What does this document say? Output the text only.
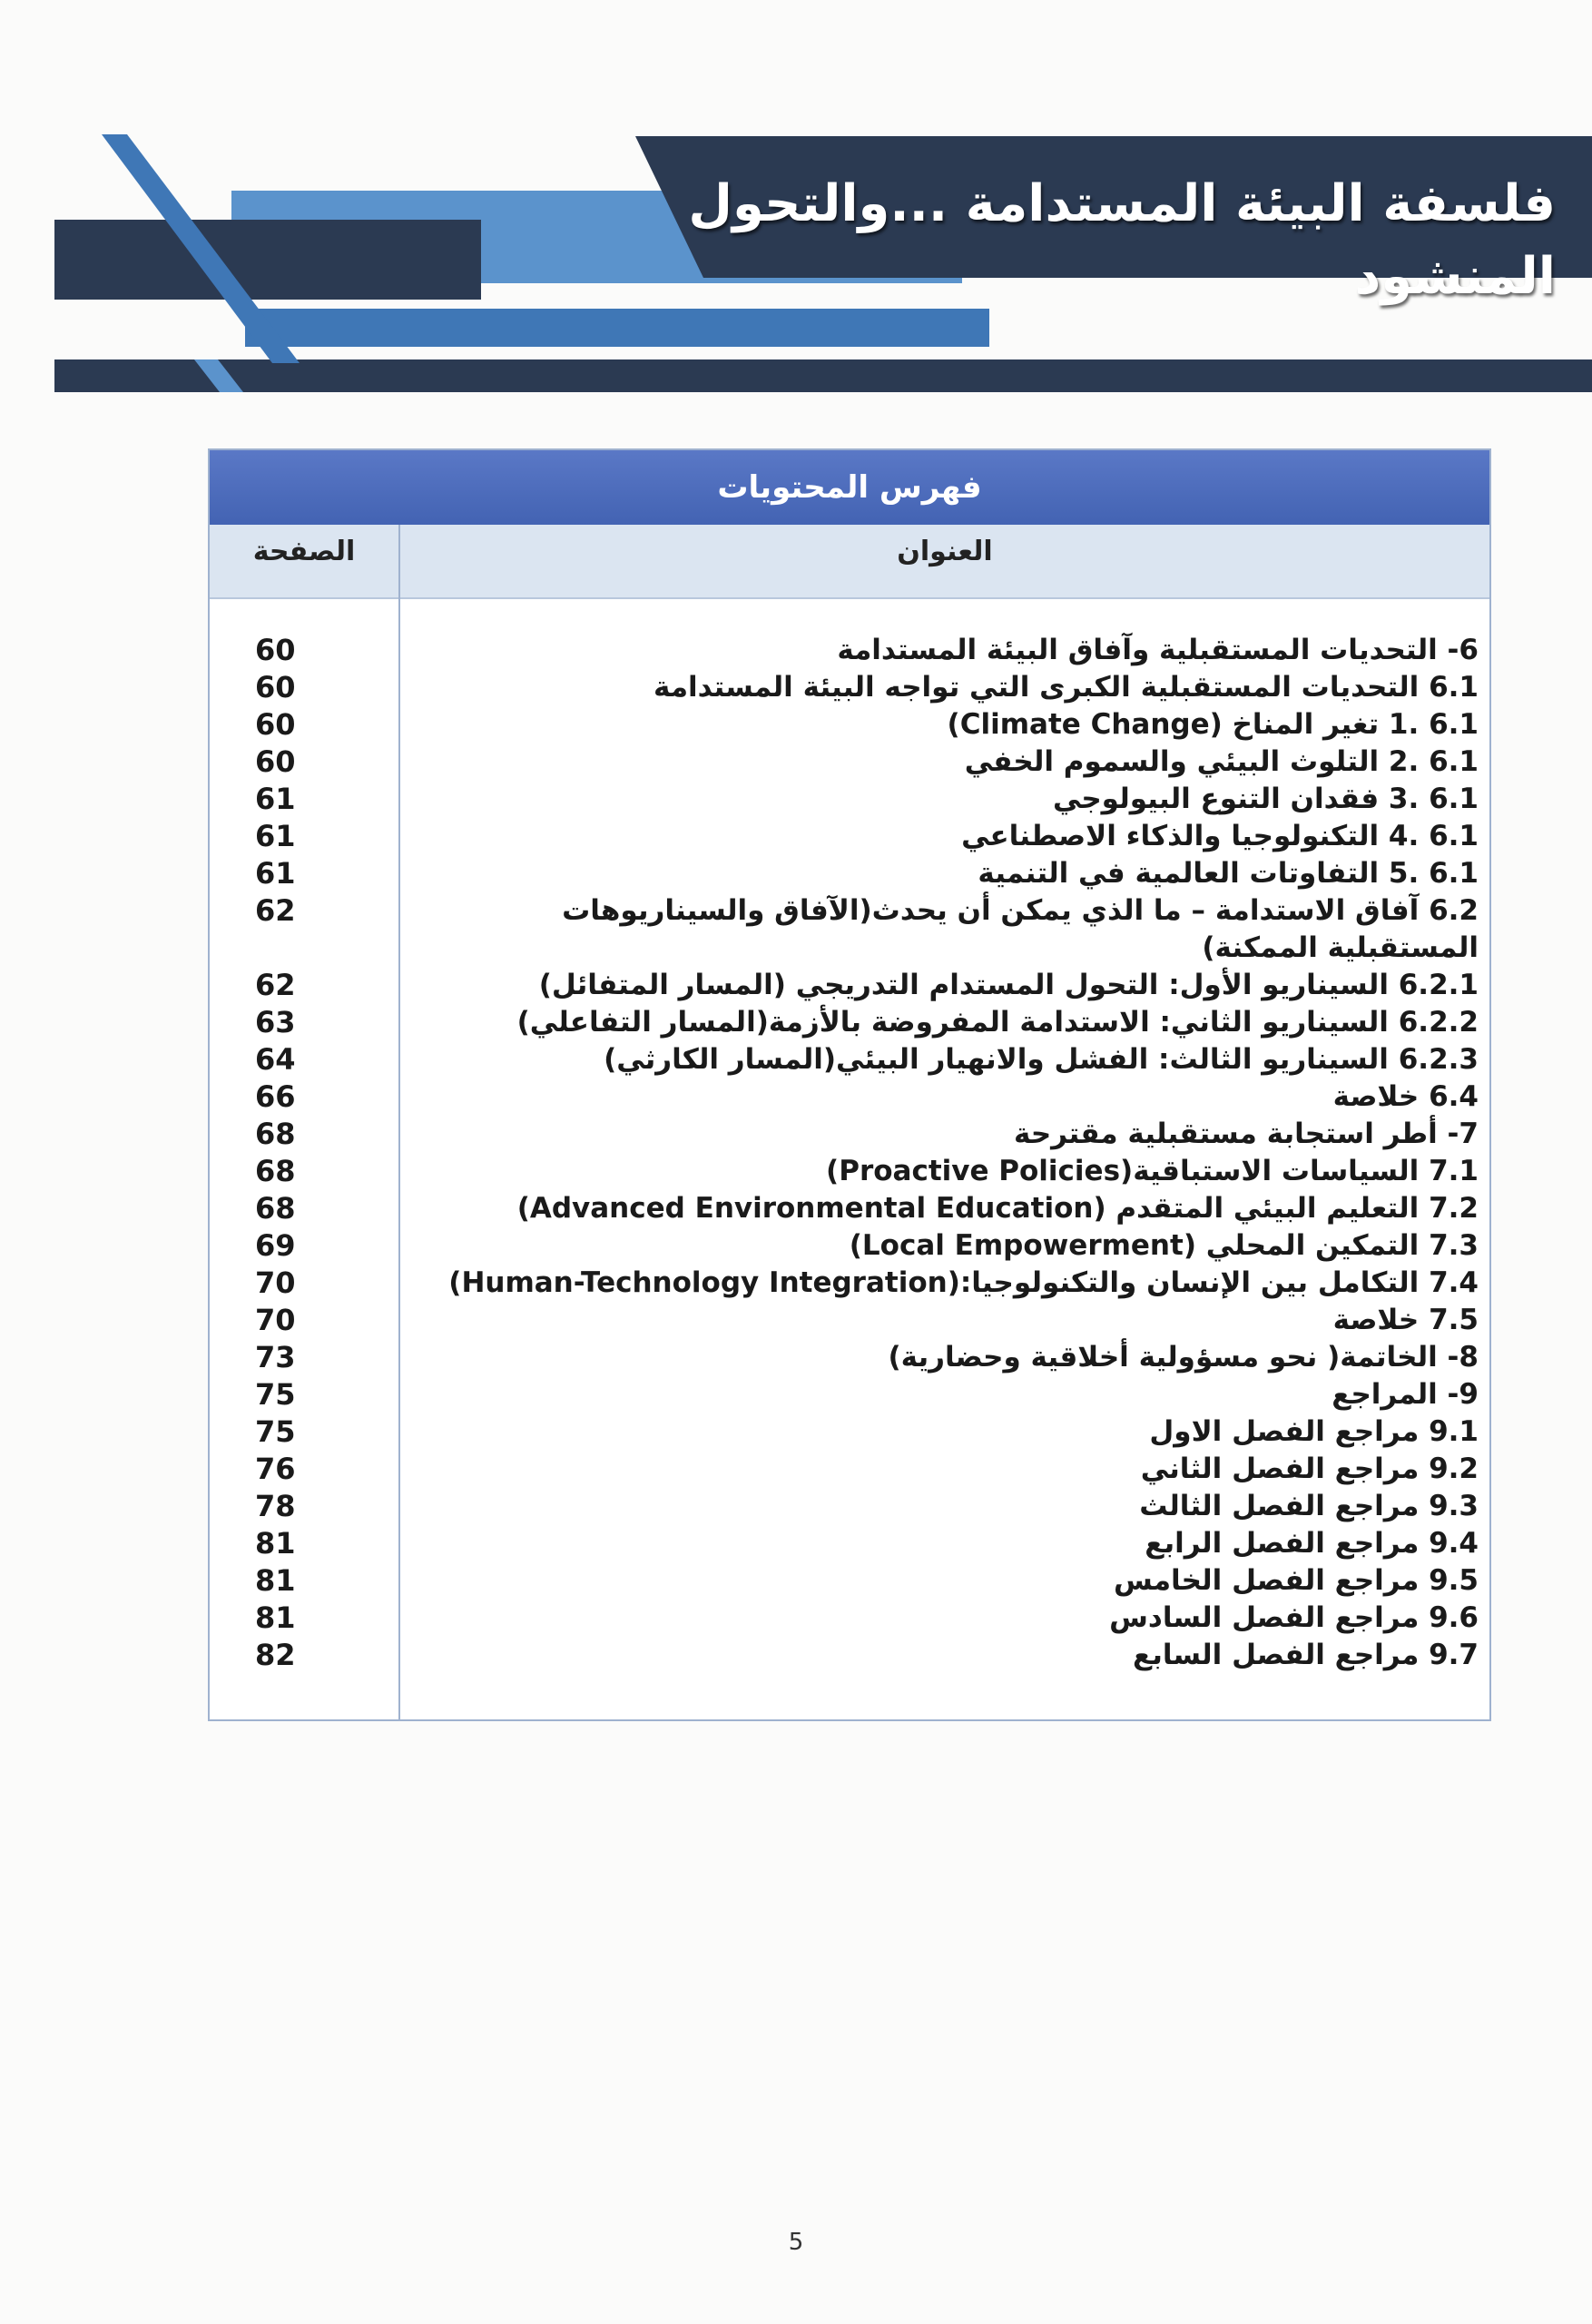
فلسفة البيئة المستدامة ...والتحول المنشود
فهرس المحتويات
العنوان
الصفحة
6- التحديات المستقبلية وآفاق البيئة المستدامة
60
6.1 التحديات المستقبلية الكبرى التي تواجه البيئة المستدامة
60
6.1 .1 تغير المناخ (Climate Change)
60
6.1 .2 التلوث البيئي والسموم الخفي
60
6.1 .3 فقدان التنوع البيولوجي
61
6.1 .4 التكنولوجيا والذكاء الاصطناعي
61
6.1 .5 التفاوتات العالمية في التنمية
61
6.2 آفاق الاستدامة – ما الذي يمكن أن يحدث(الآفاق والسيناريوهات المستقبلية الممكنة)
62
6.2.1 السيناريو الأول: التحول المستدام التدريجي (المسار المتفائل)
62
6.2.2 السيناريو الثاني: الاستدامة المفروضة بالأزمة(المسار التفاعلي)
63
6.2.3 السيناريو الثالث: الفشل والانهيار البيئي(المسار الكارثي)
64
6.4 خلاصة
66
7- أطر استجابة مستقبلية مقترحة
68
7.1 السياسات الاستباقية(Proactive Policies)
68
7.2 التعليم البيئي المتقدم (Advanced Environmental Education)
68
7.3 التمكين المحلي (Local Empowerment)
69
7.4 التكامل بين الإنسان والتكنولوجيا:(Human-Technology Integration)
70
7.5 خلاصة
70
8- الخاتمة( نحو مسؤولية أخلاقية وحضارية)
73
9- المراجع
75
9.1 مراجع الفصل الاول
75
9.2 مراجع الفصل الثاني
76
9.3 مراجع الفصل الثالث
78
9.4 مراجع الفصل الرابع
81
9.5 مراجع الفصل الخامس
81
9.6 مراجع الفصل السادس
81
9.7 مراجع الفصل السابع
82
5
